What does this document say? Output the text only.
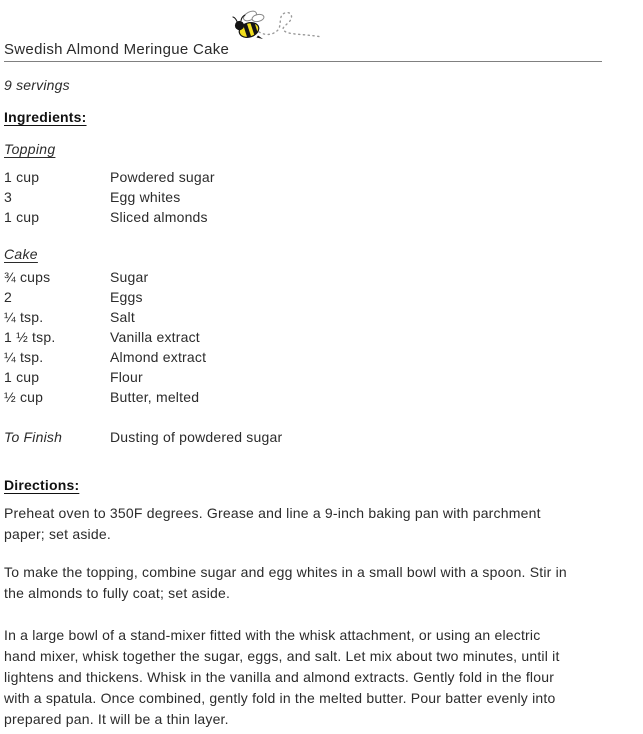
Swedish Almond Meringue Cake

9 servings

Ingredients:
Topping
1 cup	Powdered sugar
3	Egg whites
1 cup	Sliced almonds
Cake
¾ cups	Sugar
2	Eggs
¼ tsp.	Salt
1 ½ tsp.	Vanilla extract
¼ tsp.	Almond extract
1 cup	Flour
½ cup	Butter, melted
To Finish	Dusting of powdered sugar
Directions:
Preheat oven to 350F degrees. Grease and line a 9-inch baking pan with parchment
paper; set aside.
To make the topping, combine sugar and egg whites in a small bowl with a spoon. Stir in
the almonds to fully coat; set aside.
In a large bowl of a stand-mixer fitted with the whisk attachment, or using an electric
hand mixer, whisk together the sugar, eggs, and salt. Let mix about two minutes, until it
lightens and thickens. Whisk in the vanilla and almond extracts. Gently fold in the flour
with a spatula. Once combined, gently fold in the melted butter. Pour batter evenly into
prepared pan. It will be a thin layer.
